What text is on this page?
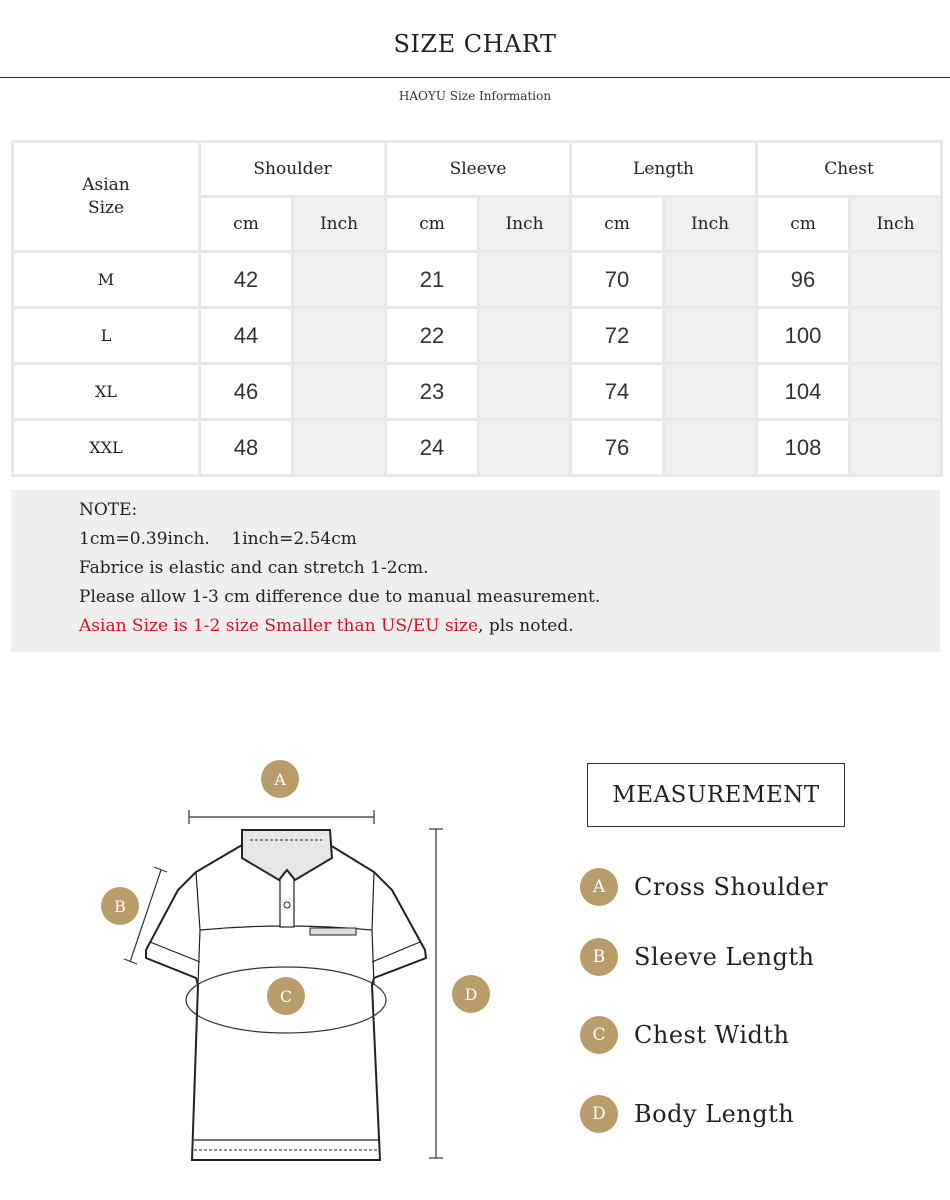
SIZE CHART
HAOYU Size Information
Asian Size	Shoulder		Sleeve		Length		Chest	
	cm	Inch	cm	Inch	cm	Inch	cm	Inch
M	42		21		70		96	
L	44		22		72		100	
XL	46		23		74		104	
XXL	48		24		76		108	

NOTE:

1cm=0.39inch.    1inch=2.54cm

Fabrice is elastic and can stretch 1-2cm.

Please allow 1-3 cm difference due to manual measurement.

Asian Size is 1-2 size Smaller than US/EU size, pls noted.

A
B
C	D
MEASUREMENT
A	Cross Shoulder
B	Sleeve Length
C	Chest Width
D	Body Length
